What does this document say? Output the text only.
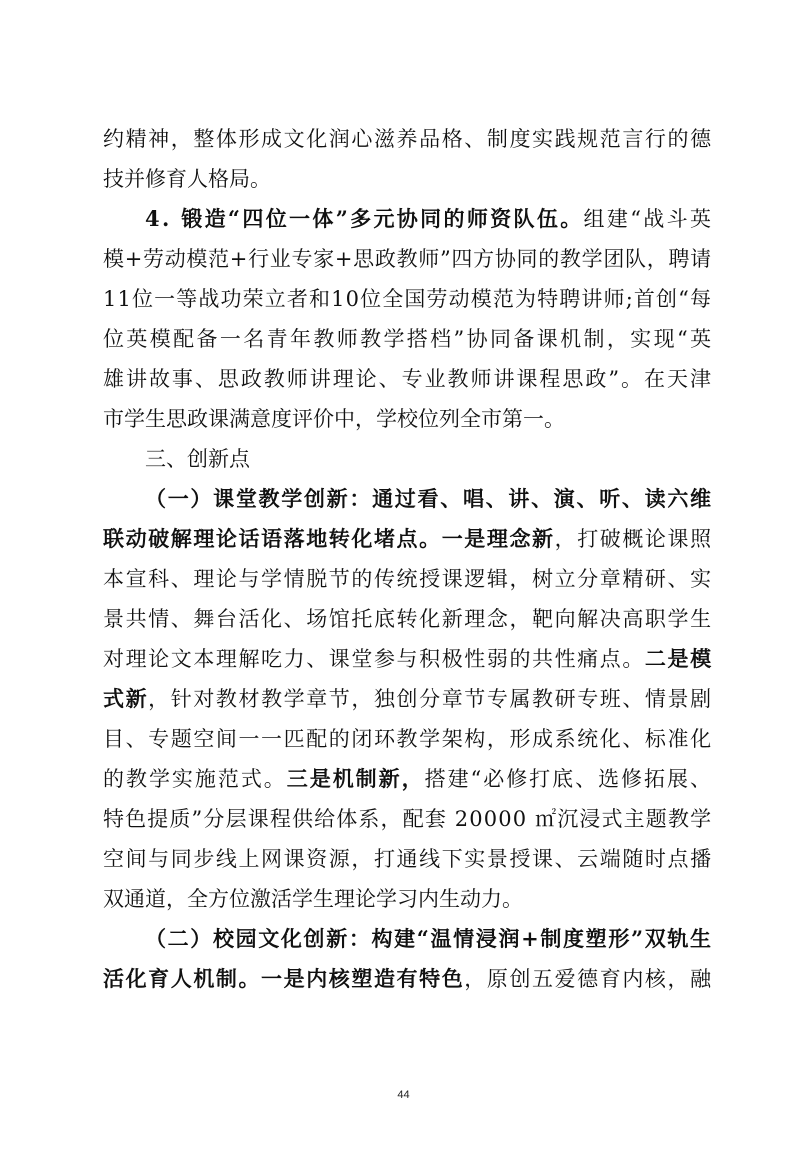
约精神，整体形成文化润心滋养品格、制度实践规范言行的德
技并修育人格局。
4. 锻造“四位一体”多元协同的师资队伍。组建“战斗英
模+劳动模范+行业专家+思政教师”四方协同的教学团队，聘请
11位一等战功荣立者和10位全国劳动模范为特聘讲师;首创“每
位英模配备一名青年教师教学搭档”协同备课机制，实现“英
雄讲故事、思政教师讲理论、专业教师讲课程思政”。在天津
市学生思政课满意度评价中，学校位列全市第一。
三、创新点
（一）课堂教学创新：通过看、唱、讲、演、听、读六维
联动破解理论话语落地转化堵点。一是理念新，打破概论课照
本宣科、理论与学情脱节的传统授课逻辑，树立分章精研、实
景共情、舞台活化、场馆托底转化新理念，靶向解决高职学生
对理论文本理解吃力、课堂参与积极性弱的共性痛点。二是模
式新，针对教材教学章节，独创分章节专属教研专班、情景剧
目、专题空间一一匹配的闭环教学架构，形成系统化、标准化
的教学实施范式。三是机制新，搭建“必修打底、选修拓展、
特色提质”分层课程供给体系，配套 20000 ㎡沉浸式主题教学
空间与同步线上网课资源，打通线下实景授课、云端随时点播
双通道，全方位激活学生理论学习内生动力。
（二）校园文化创新：构建“温情浸润+制度塑形”双轨生
活化育人机制。一是内核塑造有特色，原创五爱德育内核，融
44
